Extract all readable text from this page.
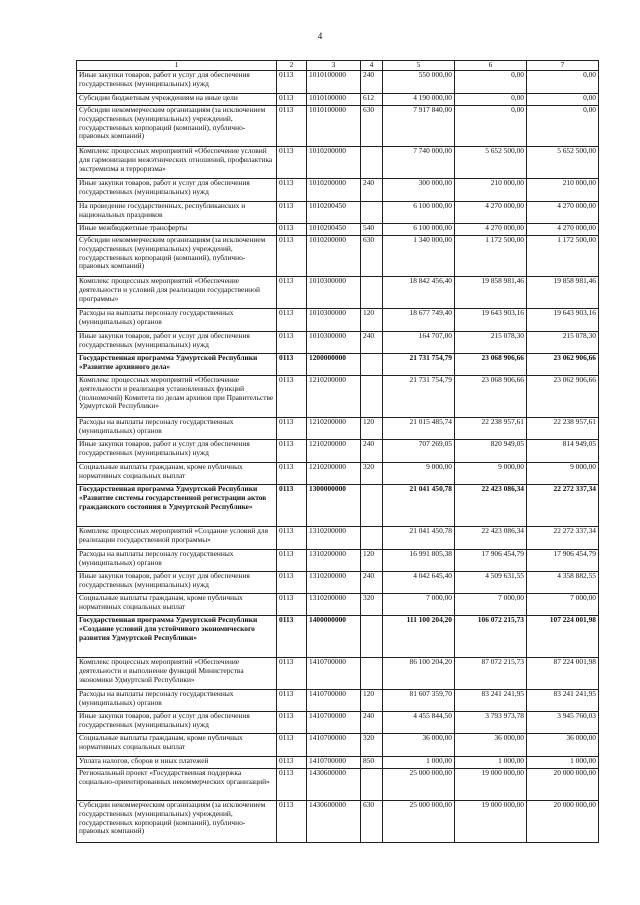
4
1	2	3	4	5	6	7
Иные закупки товаров, работ и услуг для обеспечения государственных (муниципальных) нужд	0113	1010100000	240	550 000,00	0,00	0,00
Субсидии бюджетным учреждениям на иные цели	0113	1010100000	612	4 190 000,00	0,00	0,00
Субсидии некоммерческим организациям (за исключением государственных (муниципальных) учреждений, государственных корпораций (компаний), публично-правовых компаний)	0113	1010100000	630	7 917 840,00	0,00	0,00
Комплекс процессных мероприятий «Обеспечение условий для гармонизации межэтнических отношений, профилактика экстремизма и терроризма»	0113	1010200000		7 740 000,00	5 652 500,00	5 652 500,00
Иные закупки товаров, работ и услуг для обеспечения государственных (муниципальных) нужд	0113	1010200000	240	300 000,00	210 000,00	210 000,00
На проведение государственных, республиканских и национальных праздников	0113	1010200450		6 100 000,00	4 270 000,00	4 270 000,00
Иные межбюджетные трансферты	0113	1010200450	540	6 100 000,00	4 270 000,00	4 270 000,00
Субсидии некоммерческим организациям (за исключением государственных (муниципальных) учреждений, государственных корпораций (компаний), публично-правовых компаний)	0113	1010200000	630	1 340 000,00	1 172 500,00	1 172 500,00
Комплекс процессных мероприятий «Обеспечение деятельности и условий для реализации государственной программы»	0113	1010300000		18 842 456,40	19 858 981,46	19 858 981,46
Расходы на выплаты персоналу государственных (муниципальных) органов	0113	1010300000	120	18 677 749,40	19 643 903,16	19 643 903,16
Иные закупки товаров, работ и услуг для обеспечения государственных (муниципальных) нужд	0113	1010300000	240	164 707,00	215 078,30	215 078,30
Государственная программа Удмуртской Республики «Развитие архивного дела»	0113	1200000000		21 731 754,79	23 068 906,66	23 062 906,66
Комплекс процессных мероприятий «Обеспечение деятельности и реализация установленных функций (полномочий) Комитета по делам архивов при Правительстве Удмуртской Республики»	0113	1210200000		21 731 754,79	23 068 906,66	23 062 906,66
Расходы на выплаты персоналу государственных (муниципальных) органов	0113	1210200000	120	21 015 485,74	22 238 957,61	22 238 957,61
Иные закупки товаров, работ и услуг для обеспечения государственных (муниципальных) нужд	0113	1210200000	240	707 269,05	820 949,05	814 949,05
Социальные выплаты гражданам, кроме публичных нормативных социальных выплат	0113	1210200000	320	9 000,00	9 000,00	9 000,00
Государственная программа Удмуртской Республики «Развитие системы государственной регистрации актов гражданского состояния в Удмуртской Республике»	0113	1300000000		21 041 450,78	22 423 086,34	22 272 337,34
Комплекс процессных мероприятий «Создание условий для реализации государственной программы»	0113	1310200000		21 041 450,78	22 423 086,34	22 272 337,34
Расходы на выплаты персоналу государственных (муниципальных) органов	0113	1310200000	120	16 991 805,38	17 906 454,79	17 906 454,79
Иные закупки товаров, работ и услуг для обеспечения государственных (муниципальных) нужд	0113	1310200000	240	4 042 645,40	4 509 631,55	4 358 882,55
Социальные выплаты гражданам, кроме публичных нормативных социальных выплат	0113	1310200000	320	7 000,00	7 000,00	7 000,00
Государственная программа Удмуртской Республики «Создание условий для устойчивого экономического развития Удмуртской Республики»	0113	1400000000		111 100 204,20	106 072 215,73	107 224 001,98
Комплекс процессных мероприятий «Обеспечение деятельности и выполнение функций Министерства экономики Удмуртской Республики»	0113	1410700000		86 100 204,20	87 072 215,73	87 224 001,98
Расходы на выплаты персоналу государственных (муниципальных) органов	0113	1410700000	120	81 607 359,70	83 241 241,95	83 241 241,95
Иные закупки товаров, работ и услуг для обеспечения государственных (муниципальных) нужд	0113	1410700000	240	4 455 844,50	3 793 973,78	3 945 760,03
Социальные выплаты гражданам, кроме публичных нормативных социальных выплат	0113	1410700000	320	36 000,00	36 000,00	36 000,00
Уплата налогов, сборов и иных платежей	0113	1410700000	850	1 000,00	1 000,00	1 000,00
Региональный проект «Государственная поддержка социально-ориентированных некоммерческих организаций»	0113	1430600000		25 000 000,00	19 000 000,00	20 000 000,00
Субсидии некоммерческим организациям (за исключением государственных (муниципальных) учреждений, государственных корпораций (компаний), публично-правовых компаний)	0113	1430600000	630	25 000 000,00	19 000 000,00	20 000 000,00
